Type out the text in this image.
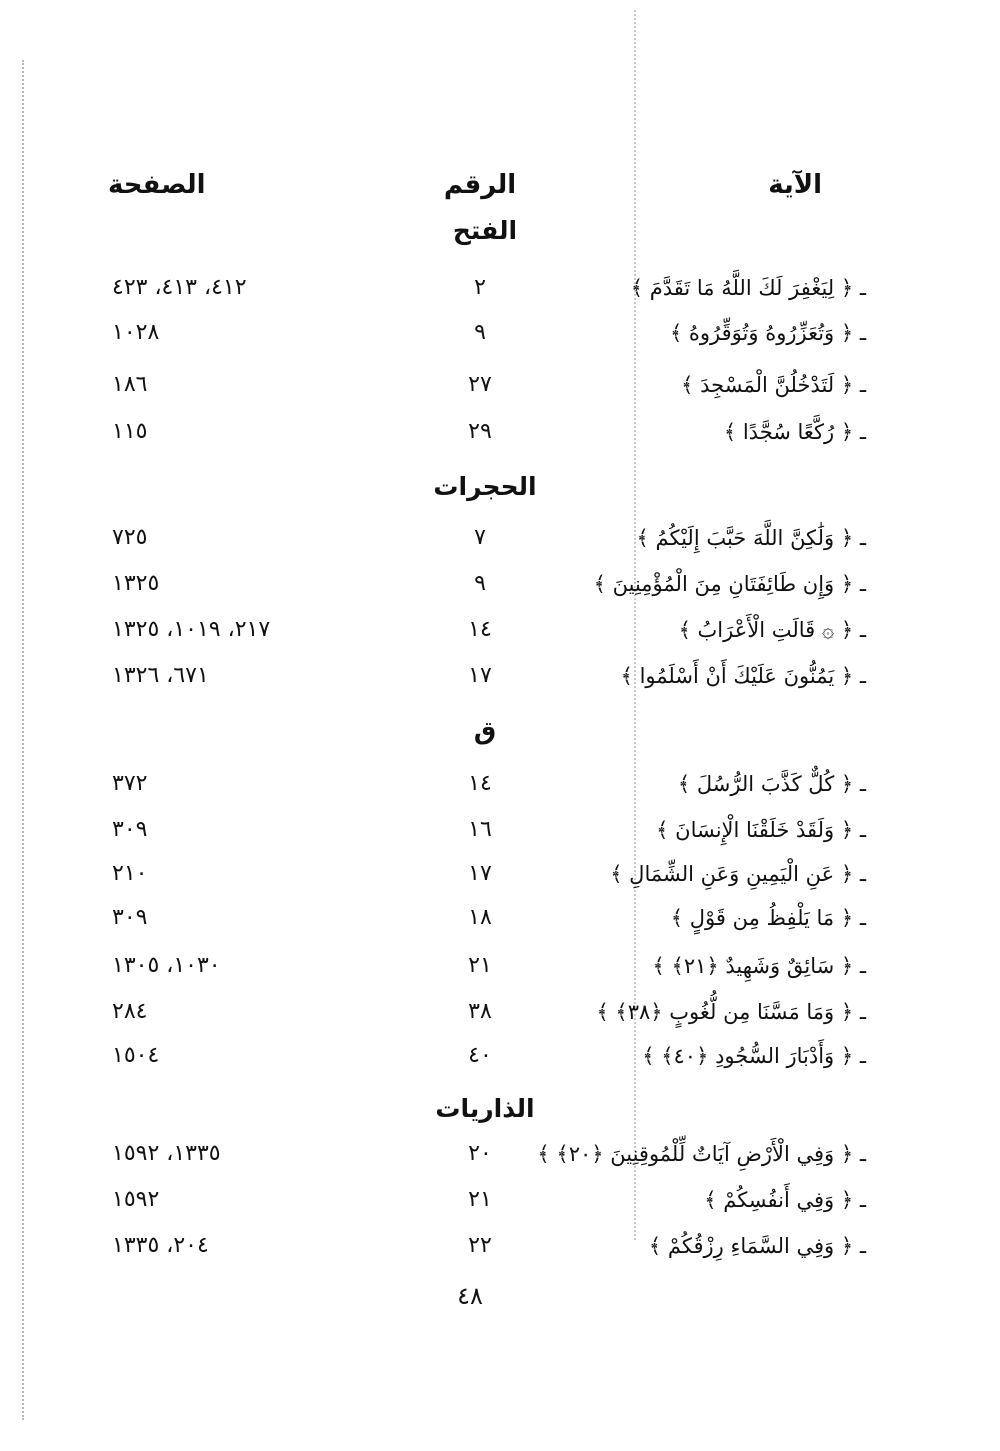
الآية
الرقم
الصفحة
الفتح
ـ ﴿ لِيَغْفِرَ لَكَ اللَّهُ مَا تَقَدَّمَ ﴾
٢
٤١٢، ٤١٣، ٤٢٣
ـ ﴿ وَتُعَزِّرُوهُ وَتُوَقِّرُوهُ ﴾
٩
١٠٢٨
ـ ﴿ لَتَدْخُلُنَّ الْمَسْجِدَ ﴾
٢٧
١٨٦
ـ ﴿ رُكَّعًا سُجَّدًا ﴾
٢٩
١١٥
الحجرات
ـ ﴿ وَلَٰكِنَّ اللَّهَ حَبَّبَ إِلَيْكُمُ ﴾
٧
٧٢٥
ـ ﴿ وَإِن طَائِفَتَانِ مِنَ الْمُؤْمِنِينَ ﴾
٩
١٣٢٥
ـ ﴿ ۞ قَالَتِ الْأَعْرَابُ ﴾
١٤
٢١٧، ١٠١٩، ١٣٢٥
ـ ﴿ يَمُنُّونَ عَلَيْكَ أَنْ أَسْلَمُوا ﴾
١٧
٦٧١، ١٣٢٦
ق
ـ ﴿ كُلٌّ كَذَّبَ الرُّسُلَ ﴾
١٤
٣٧٢
ـ ﴿ وَلَقَدْ خَلَقْنَا الْإِنسَانَ ﴾
١٦
٣٠٩
ـ ﴿ عَنِ الْيَمِينِ وَعَنِ الشِّمَالِ ﴾
١٧
٢١٠
ـ ﴿ مَا يَلْفِظُ مِن قَوْلٍ ﴾
١٨
٣٠٩
ـ ﴿ سَائِقٌ وَشَهِيدٌ ﴿٢١﴾ ﴾
٢١
١٠٣٠، ١٣٠٥
ـ ﴿ وَمَا مَسَّنَا مِن لُّغُوبٍ ﴿٣٨﴾ ﴾
٣٨
٢٨٤
ـ ﴿ وَأَدْبَارَ السُّجُودِ ﴿٤٠﴾ ﴾
٤٠
١٥٠٤
الذاريات
ـ ﴿ وَفِي الْأَرْضِ آيَاتٌ لِّلْمُوقِنِينَ ﴿٢٠﴾ ﴾
٢٠
١٣٣٥، ١٥٩٢
ـ ﴿ وَفِي أَنفُسِكُمْ ﴾
٢١
١٥٩٢
ـ ﴿ وَفِي السَّمَاءِ رِزْقُكُمْ ﴾
٢٢
٢٠٤، ١٣٣٥
٤٨
